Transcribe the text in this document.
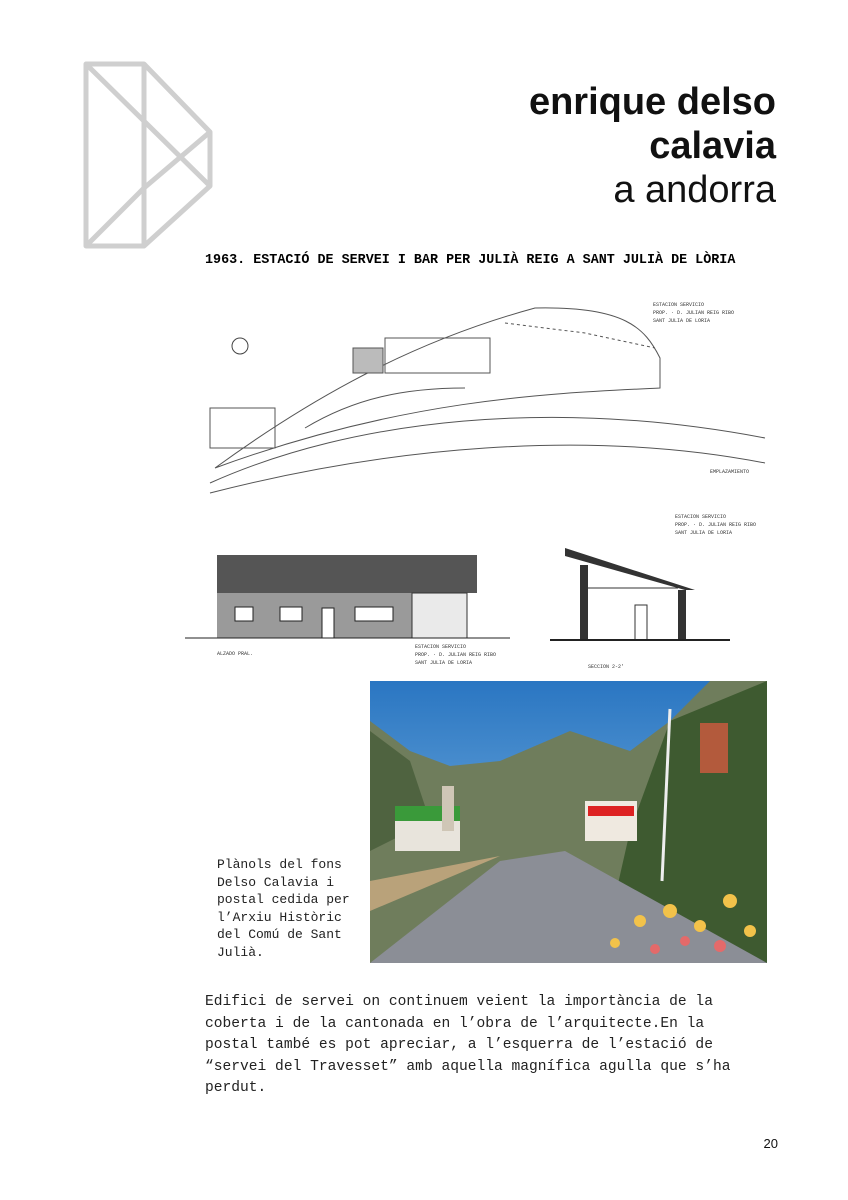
enrique delso
calavia
a andorra
1963. ESTACIÓ DE SERVEI I BAR PER JULIÀ REIG A SANT JULIÀ DE LÒRIA
ESTACION SERVICIO
PROP. · D. JULIAN REIG RIBO
SANT JULIA DE LORIA
EMPLAZAMIENTO
ALZADO PRAL.
ESTACION SERVICIO
PROP. · D. JULIAN REIG RIBO
SANT JULIA DE LORIA
ESTACION SERVICIO
PROP. · D. JULIAN REIG RIBO
SANT JULIA DE LORIA
SECCION 2-2'
Plànols del fons
Delso Calavia i
postal cedida per
l’Arxiu Històric
del Comú de Sant
Julià.
Edifici de servei on continuem veient la importància de la
coberta i de la cantonada en l’obra de l’arquitecte.En la
postal també es pot apreciar, a l’esquerra de l’estació de
“servei del Travesset” amb aquella magnífica agulla que s’ha
perdut.
20
